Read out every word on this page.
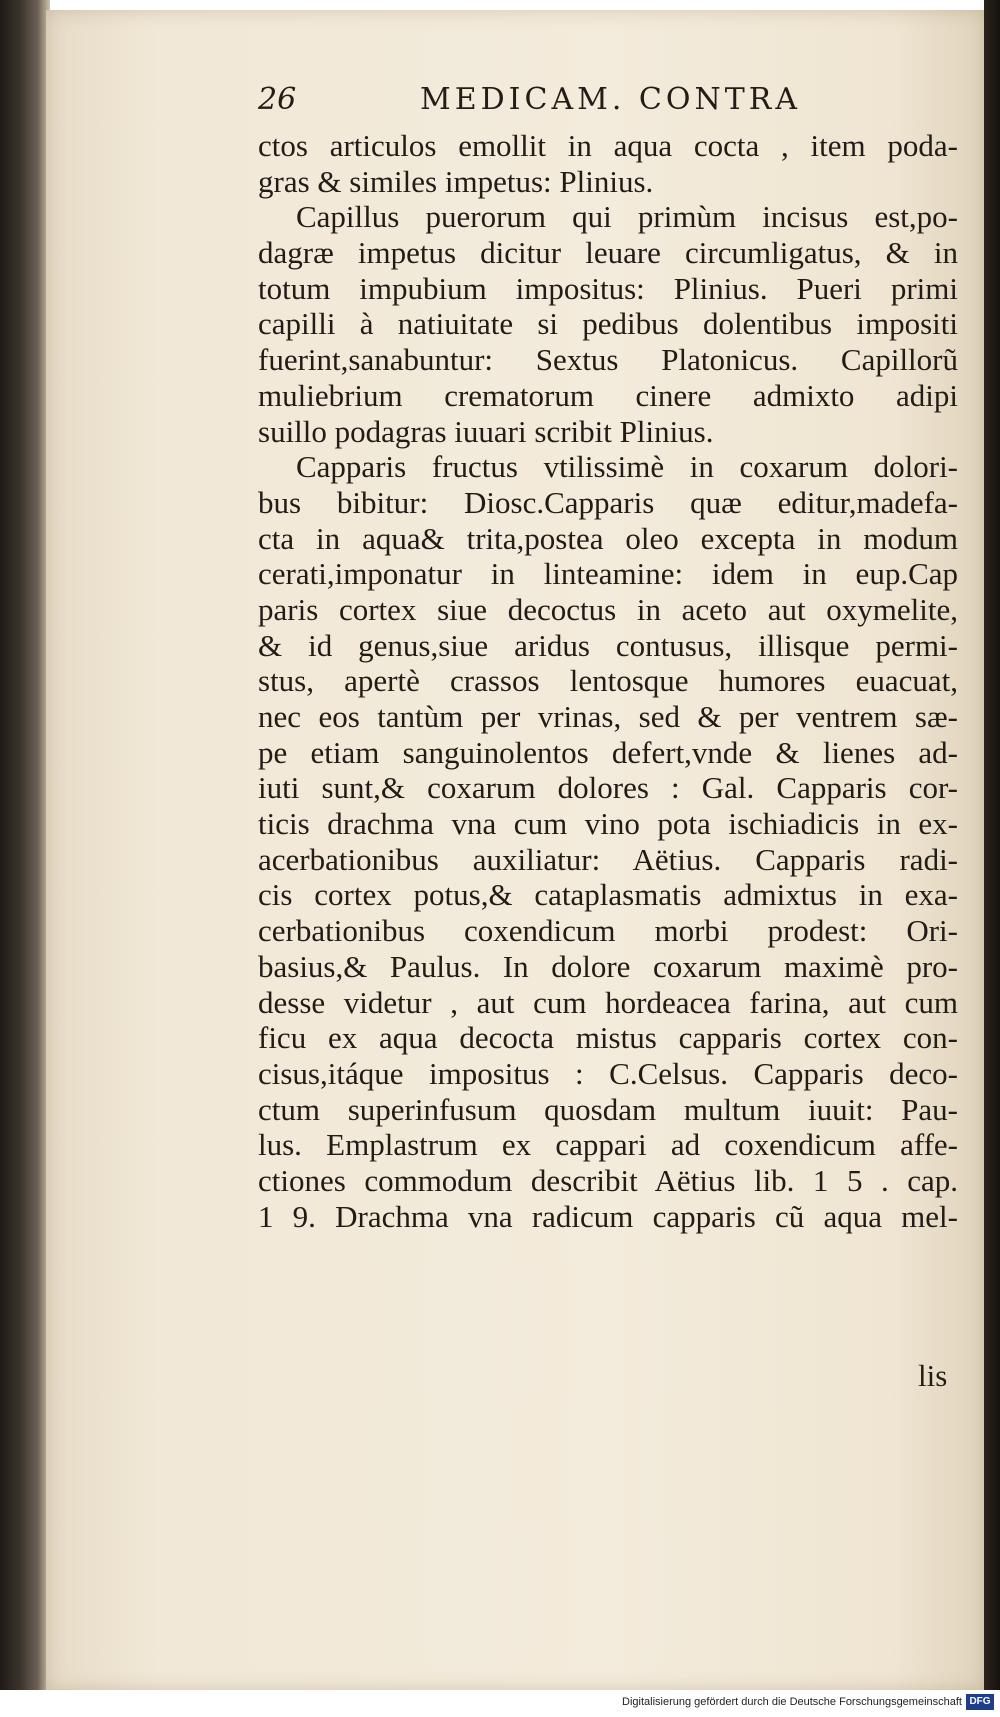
26	MEDICAM. CONTRA
ctos articulos emollit in aqua cocta , item poda-
gras & similes impetus: Plinius.
Capillus puerorum qui primùm incisus est,po-
dagræ impetus dicitur leuare circumligatus, & in
totum impubium impositus: Plinius. Pueri primi
capilli à natiuitate si pedibus dolentibus impositi
fuerint,sanabuntur: Sextus Platonicus. Capillorũ
muliebrium crematorum cinere admixto adipi
suillo podagras iuuari scribit Plinius.
Capparis fructus vtilissimè in coxarum dolori-
bus bibitur: Diosc.Capparis quæ editur,madefa-
cta in aqua& trita,postea oleo excepta in modum
cerati,imponatur in linteamine: idem in eup.Cap
paris cortex siue decoctus in aceto aut oxymelite,
& id genus,siue aridus contusus, illisque permi-
stus, apertè crassos lentosque humores euacuat,
nec eos tantùm per vrinas, sed & per ventrem sæ-
pe etiam sanguinolentos defert,vnde & lienes ad-
iuti sunt,& coxarum dolores : Gal. Capparis cor-
ticis drachma vna cum vino pota ischiadicis in ex-
acerbationibus auxiliatur: Aëtius. Capparis radi-
cis cortex potus,& cataplasmatis admixtus in exa-
cerbationibus coxendicum morbi prodest: Ori-
basius,& Paulus. In dolore coxarum maximè pro-
desse videtur , aut cum hordeacea farina, aut cum
ficu ex aqua decocta mistus capparis cortex con-
cisus,itáque impositus : C.Celsus. Capparis deco-
ctum superinfusum quosdam multum iuuit: Pau-
lus. Emplastrum ex cappari ad coxendicum affe-
ctiones commodum describit Aëtius lib. 1 5 . cap.
1 9. Drachma vna radicum capparis cũ aqua mel-
lis
Digitalisierung gefördert durch die Deutsche Forschungsgemeinschaft DFG
